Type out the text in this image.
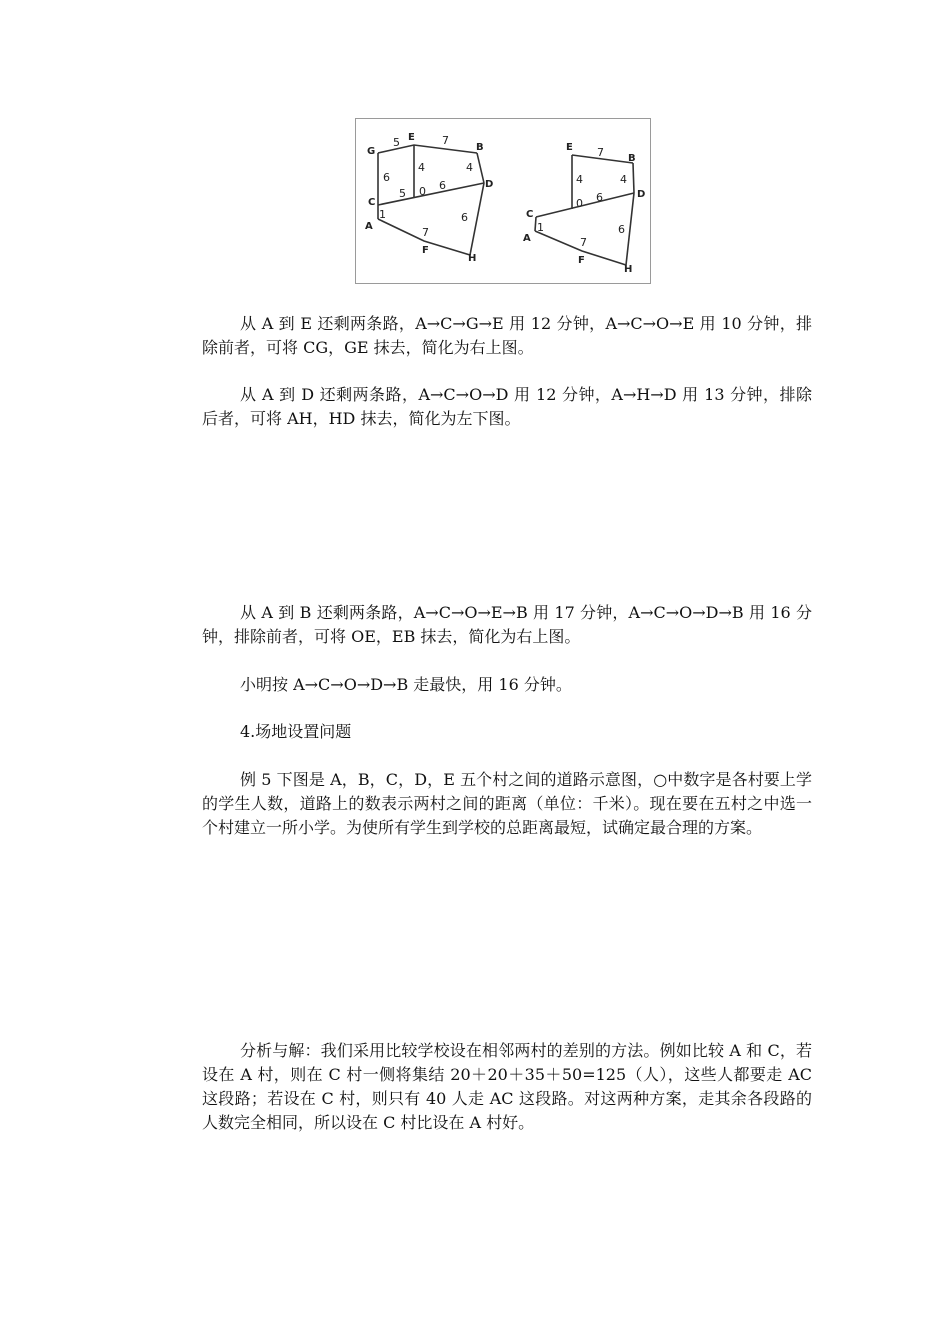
G
E
B
C
D
A
F
H
5	7
6
4	4
5 0 6
1
7
6
E
B
C
D
A
F
H
7
4	4
0 6
1
7
6

从 A 到 E 还剩两条路，A→C→G→E 用 12 分钟，A→C→O→E 用 10 分钟，排除前者，可将 CG，GE 抹去，简化为右上图。

从 A 到 D 还剩两条路，A→C→O→D 用 12 分钟，A→H→D 用 13 分钟，排除后者，可将 AH，HD 抹去，简化为左下图。

从 A 到 B 还剩两条路，A→C→O→E→B 用 17 分钟，A→C→O→D→B 用 16 分钟，排除前者，可将 OE，EB 抹去，简化为右上图。

小明按 A→C→O→D→B 走最快，用 16 分钟。

4.场地设置问题

例 5 下图是 A，B，C，D，E 五个村之间的道路示意图，○中数字是各村要上学的学生人数，道路上的数表示两村之间的距离（单位：千米）。现在要在五村之中选一个村建立一所小学。为使所有学生到学校的总距离最短，试确定最合理的方案。

分析与解：我们采用比较学校设在相邻两村的差别的方法。例如比较 A 和 C，若设在 A 村，则在 C 村一侧将集结 20＋20＋35＋50=125（人），这些人都要走 AC 这段路；若设在 C 村，则只有 40 人走 AC 这段路。对这两种方案，走其余各段路的人数完全相同，所以设在 C 村比设在 A 村好。
